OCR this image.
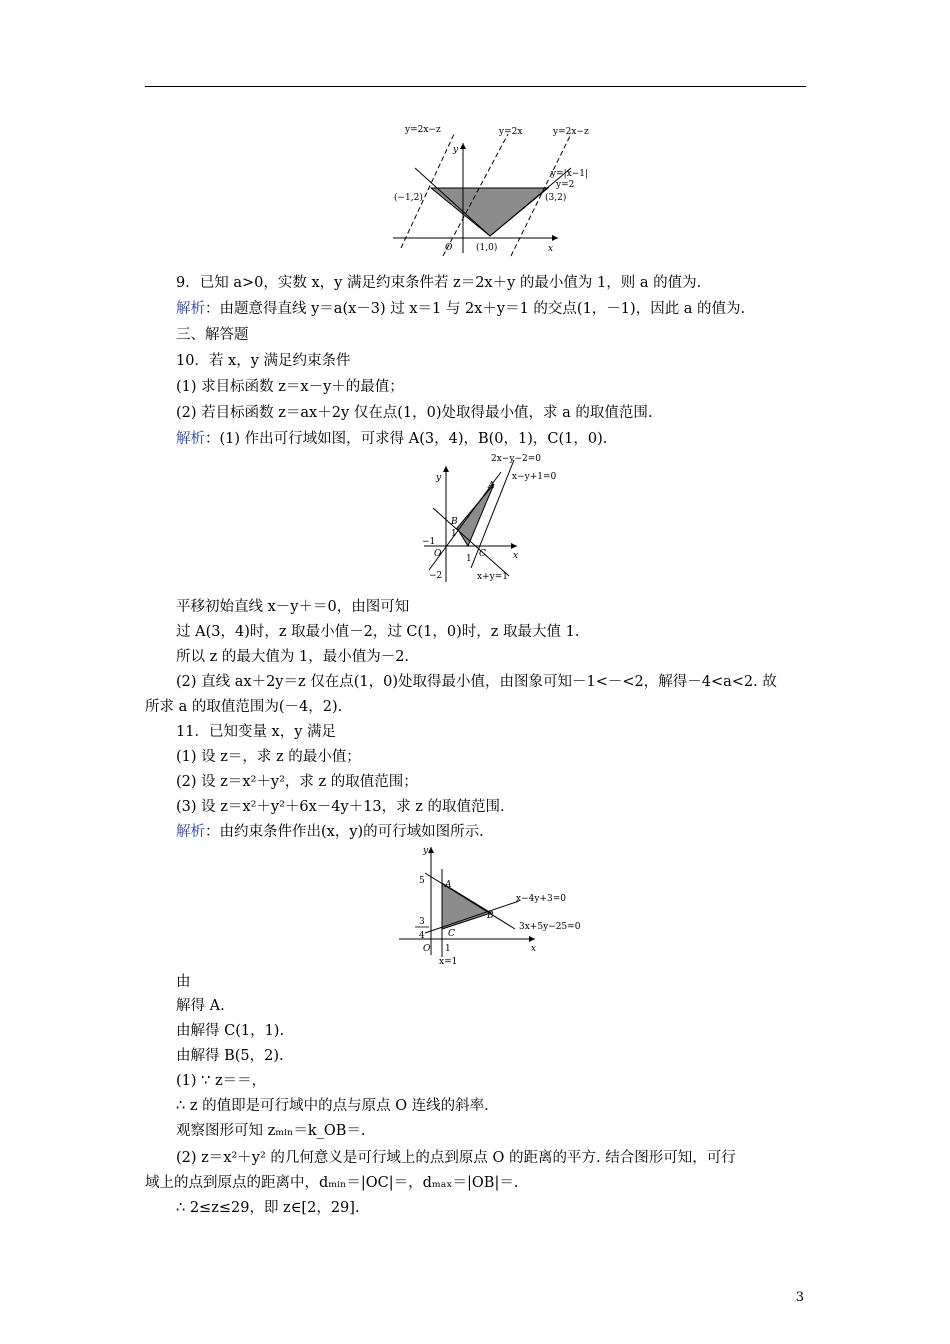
y=2x−z	y=2x	y=2x−z
y
y=|x−1|
y=2
(−1,2)	(3,2)
O	(1,0)	x
9．已知 a>0，实数 x，y 满足约束条件若 z＝2x＋y 的最小值为 1，则 a 的值为.
解析：由题意得直线 y＝a(x－3) 过 x＝1 与 2x＋y＝1 的交点(1，－1)，因此 a 的值为.
三、解答题
10．若 x，y 满足约束条件
(1) 求目标函数 z＝x－y＋的最值；
(2) 若目标函数 z＝ax＋2y 仅在点(1，0)处取得最小值，求 a 的取值范围.
解析：(1) 作出可行域如图，可求得 A(3，4)，B(0，1)，C(1，0).
2x−y−2=0
x−y+1=0
y
A
B
1
−1
O	C
1	x
−2	x+y=1
平移初始直线 x－y＋＝0，由图可知
过 A(3，4)时，z 取最小值－2，过 C(1，0)时，z 取最大值 1.
所以 z 的最大值为 1，最小值为－2.
(2) 直线 ax＋2y＝z 仅在点(1，0)处取得最小值，由图象可知－1<－<2，解得－4<a<2. 故
所求 a 的取值范围为(－4，2).
11．已知变量 x，y 满足
(1) 设 z＝，求 z 的最小值；
(2) 设 z＝x²＋y²，求 z 的取值范围；
(3) 设 z＝x²＋y²＋6x－4y＋13，求 z 的取值范围.
解析：由约束条件作出(x，y)的可行域如图所示.
y
5 A
x−4y+3=0
B
3
4	C
3x+5y−25=0
O 1	x
x=1
由
解得 A.
由解得 C(1，1).
由解得 B(5，2).
(1) ∵ z＝＝，
∴ z 的值即是可行域中的点与原点 O 连线的斜率.
观察图形可知 zₘᵢₙ＝k_OB＝.
(2) z＝x²＋y² 的几何意义是可行域上的点到原点 O 的距离的平方. 结合图形可知，可行
域上的点到原点的距离中，dₘᵢₙ＝|OC|＝，dₘₐₓ＝|OB|＝.
∴ 2≤z≤29，即 z∈[2，29].
3
